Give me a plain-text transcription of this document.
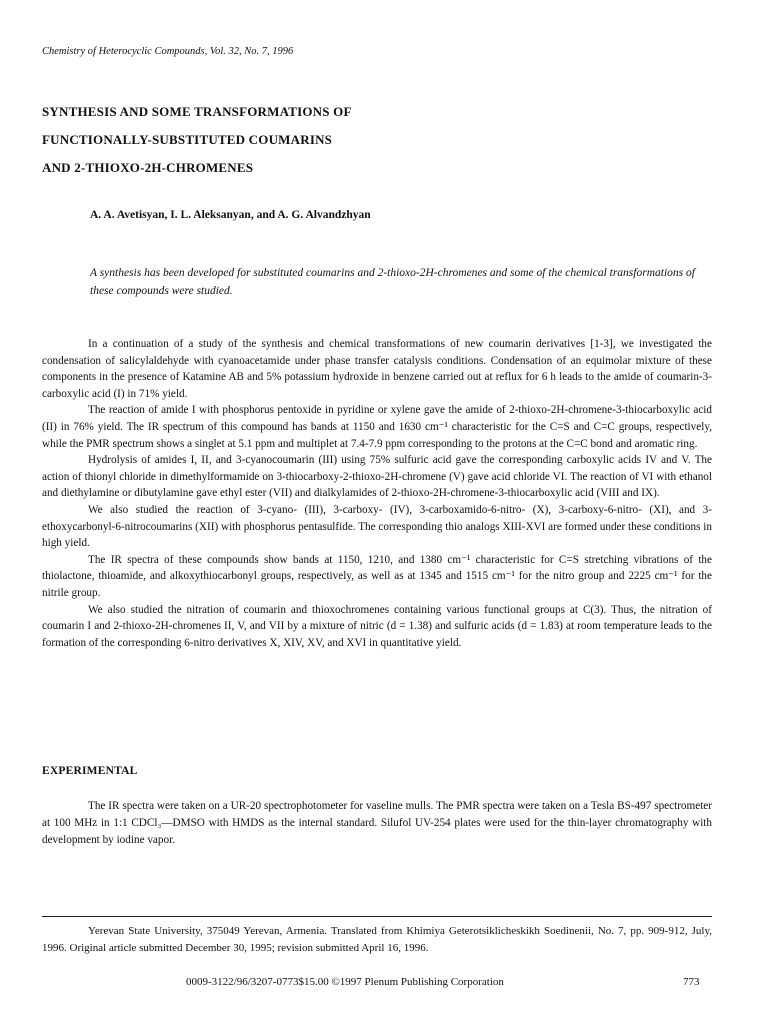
Chemistry of Heterocyclic Compounds, Vol. 32, No. 7, 1996
SYNTHESIS AND SOME TRANSFORMATIONS OF
FUNCTIONALLY-SUBSTITUTED COUMARINS
AND 2-THIOXO-2H-CHROMENES
A. A. Avetisyan, I. L. Aleksanyan, and A. G. Alvandzhyan
A synthesis has been developed for substituted coumarins and 2-thioxo-2H-chromenes and some of the chemical transformations of these compounds were studied.

In a continuation of a study of the synthesis and chemical transformations of new coumarin derivatives [1-3], we investigated the condensation of salicylaldehyde with cyanoacetamide under phase transfer catalysis conditions. Condensation of an equimolar mixture of these components in the presence of Katamine AB and 5% potassium hydroxide in benzene carried out at reflux for 6 h leads to the amide of coumarin-3-carboxylic acid (I) in 71% yield.

The reaction of amide I with phosphorus pentoxide in pyridine or xylene gave the amide of 2-thioxo-2H-chromene-3-thiocarboxylic acid (II) in 76% yield. The IR spectrum of this compound has bands at 1150 and 1630 cm⁻¹ characteristic for the C=S and C=C groups, respectively, while the PMR spectrum shows a singlet at 5.1 ppm and multiplet at 7.4-7.9 ppm corresponding to the protons at the C=C bond and aromatic ring.

Hydrolysis of amides I, II, and 3-cyanocoumarin (III) using 75% sulfuric acid gave the corresponding carboxylic acids IV and V. The action of thionyl chloride in dimethylformamide on 3-thiocarboxy-2-thioxo-2H-chromene (V) gave acid chloride VI. The reaction of VI with ethanol and diethylamine or dibutylamine gave ethyl ester (VII) and dialkylamides of 2-thioxo-2H-chromene-3-thiocarboxylic acid (VIII and IX).

We also studied the reaction of 3-cyano- (III), 3-carboxy- (IV), 3-carboxamido-6-nitro- (X), 3-carboxy-6-nitro- (XI), and 3-ethoxycarbonyl-6-nitrocoumarins (XII) with phosphorus pentasulfide. The corresponding thio analogs XIII-XVI are formed under these conditions in high yield.

The IR spectra of these compounds show bands at 1150, 1210, and 1380 cm⁻¹ characteristic for C=S stretching vibrations of the thiolactone, thioamide, and alkoxythiocarbonyl groups, respectively, as well as at 1345 and 1515 cm⁻¹ for the nitro group and 2225 cm⁻¹ for the nitrile group.

We also studied the nitration of coumarin and thioxochromenes containing various functional groups at C(3). Thus, the nitration of coumarin I and 2-thioxo-2H-chromenes II, V, and VII by a mixture of nitric (d = 1.38) and sulfuric acids (d = 1.83) at room temperature leads to the formation of the corresponding 6-nitro derivatives X, XIV, XV, and XVI in quantitative yield.

EXPERIMENTAL

The IR spectra were taken on a UR-20 spectrophotometer for vaseline mulls. The PMR spectra were taken on a Tesla BS-497 spectrometer at 100 MHz in 1:1 CDCl₃—DMSO with HMDS as the internal standard. Silufol UV-254 plates were used for the thin-layer chromatography with development by iodine vapor.

Yerevan State University, 375049 Yerevan, Armenia. Translated from Khimiya Geterotsiklicheskikh Soedinenii, No. 7, pp. 909-912, July, 1996. Original article submitted December 30, 1995; revision submitted April 16, 1996.

0009-3122/96/3207-0773$15.00 ©1997 Plenum Publishing Corporation	773
